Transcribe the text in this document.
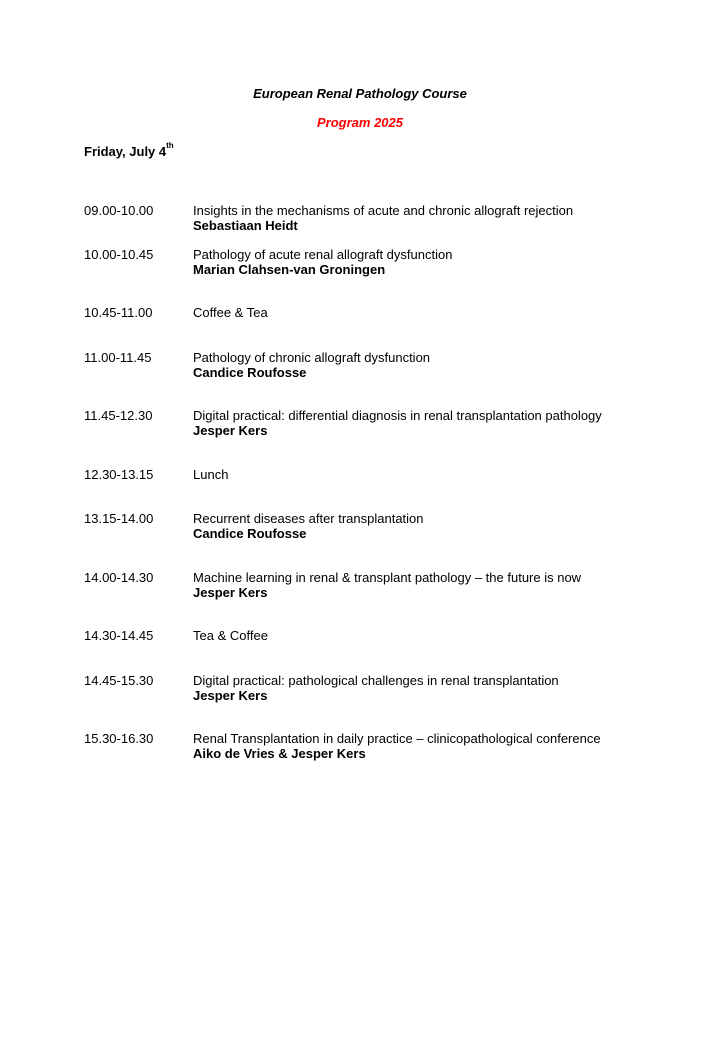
European Renal Pathology Course
Program 2025
Friday, July 4th
09.00-10.00	Insights in the mechanisms of acute and chronic allograft rejection
Sebastiaan Heidt
10.00-10.45	Pathology of acute renal allograft dysfunction
Marian Clahsen-van Groningen
10.45-11.00	Coffee & Tea
11.00-11.45	Pathology of chronic allograft dysfunction
Candice Roufosse
11.45-12.30	Digital practical: differential diagnosis in renal transplantation pathology
Jesper Kers
12.30-13.15	Lunch
13.15-14.00	Recurrent diseases after transplantation
Candice Roufosse
14.00-14.30	Machine learning in renal & transplant pathology – the future is now
Jesper Kers
14.30-14.45	Tea & Coffee
14.45-15.30	Digital practical: pathological challenges in renal transplantation
Jesper Kers
15.30-16.30	Renal Transplantation in daily practice – clinicopathological conference
Aiko de Vries & Jesper Kers
